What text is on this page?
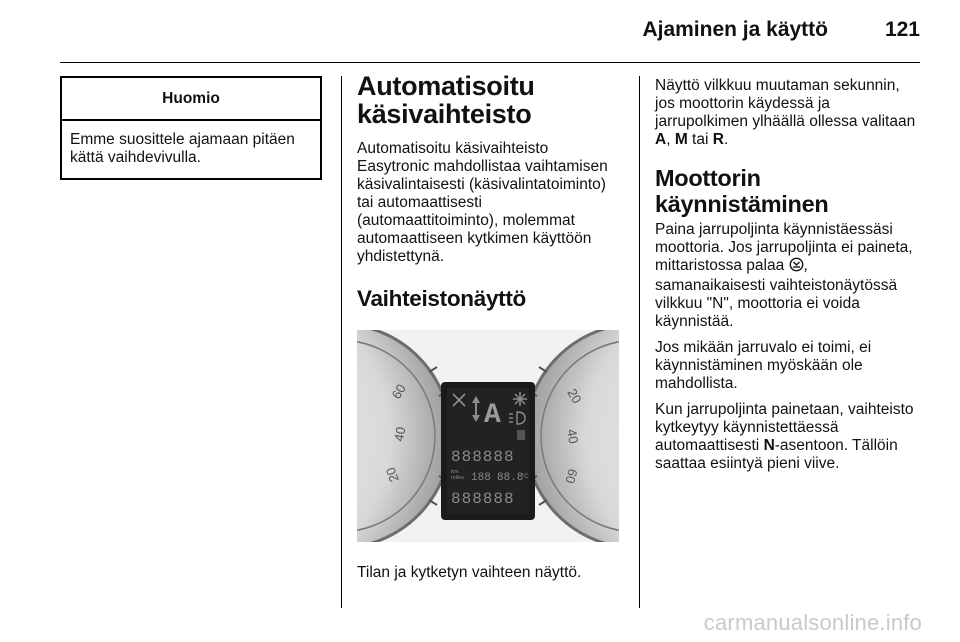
Ajaminen ja käyttö	121
Huomio
Emme suosittele ajamaan pitäen kättä vaihdevivulla.
Automatisoitu käsivaihteisto

Automatisoitu käsivaihteisto Easytronic mahdollistaa vaihtamisen käsivalintaisesti (käsivalintatoiminto) tai automaattisesti (automaattitoiminto), molemmat automaattiseen kytkimen käyttöön yhdistettynä.

Vaihteistonäyttö
60
40
20
20
40
60
A
888888
km
miles 188 88.8
°C
888888

Tilan ja kytketyn vaihteen näyttö.

Näyttö vilkkuu muutaman sekunnin, jos moottorin käydessä ja jarrupolkimen ylhäällä ollessa valitaan A, M tai R.

Moottorin käynnistäminen

Paina jarrupoljinta käynnistäessäsi moottoria. Jos jarrupoljinta ei paineta, mittaristossa palaa , samanaikaisesti vaihteistonäytössä vilkkuu "N", moottoria ei voida käynnistää.

Jos mikään jarruvalo ei toimi, ei käynnistäminen myöskään ole mahdollista.

Kun jarrupoljinta painetaan, vaihteisto kytkeytyy käynnistettäessä automaattisesti N-asentoon. Tällöin saattaa esiintyä pieni viive.

carmanualsonline.info
